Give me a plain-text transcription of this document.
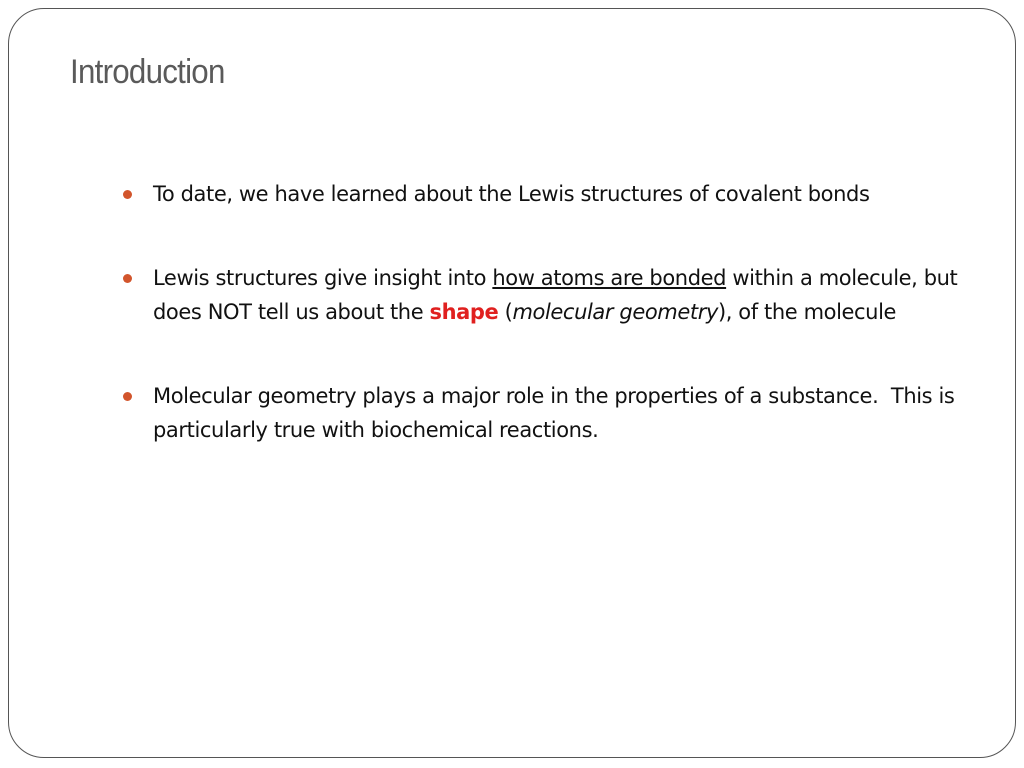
Introduction
To date, we have learned about the Lewis structures of covalent bonds
Lewis structures give insight into how atoms are bonded within a molecule, but does NOT tell us about the shape (molecular geometry), of the molecule
Molecular geometry plays a major role in the properties of a substance.  This is particularly true with biochemical reactions.
